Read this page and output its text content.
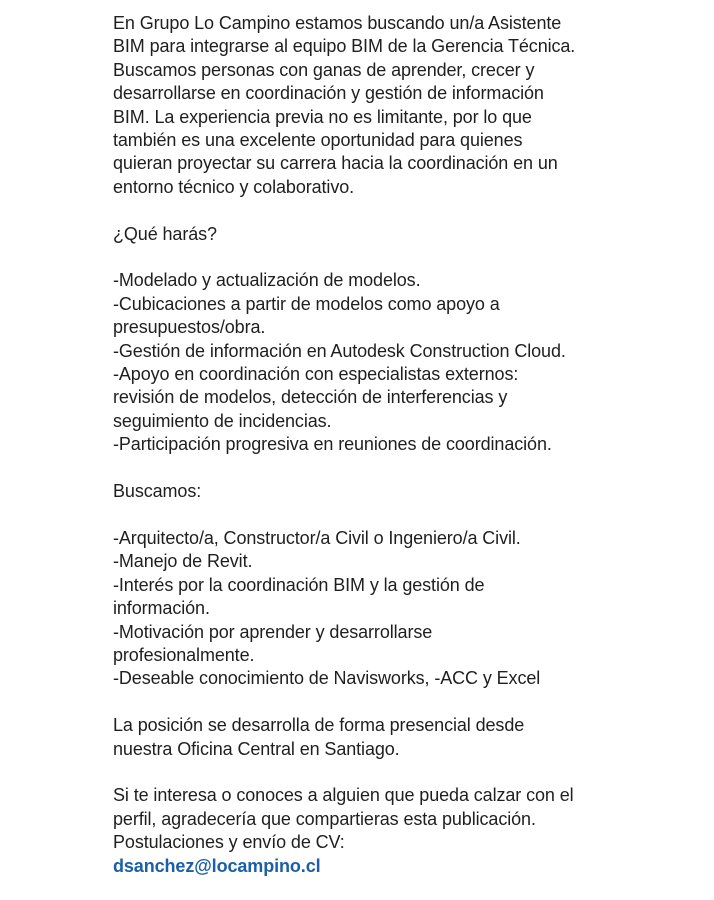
En Grupo Lo Campino estamos buscando un/a Asistente
BIM para integrarse al equipo BIM de la Gerencia Técnica.
Buscamos personas con ganas de aprender, crecer y
desarrollarse en coordinación y gestión de información
BIM. La experiencia previa no es limitante, por lo que
también es una excelente oportunidad para quienes
quieran proyectar su carrera hacia la coordinación en un
entorno técnico y colaborativo.
¿Qué harás?
-Modelado y actualización de modelos.
-Cubicaciones a partir de modelos como apoyo a
presupuestos/obra.
-Gestión de información en Autodesk Construction Cloud.
-Apoyo en coordinación con especialistas externos:
revisión de modelos, detección de interferencias y
seguimiento de incidencias.
-Participación progresiva en reuniones de coordinación.
Buscamos:
-Arquitecto/a, Constructor/a Civil o Ingeniero/a Civil.
-Manejo de Revit.
-Interés por la coordinación BIM y la gestión de
información.
-Motivación por aprender y desarrollarse
profesionalmente.
-Deseable conocimiento de Navisworks, -ACC y Excel
La posición se desarrolla de forma presencial desde
nuestra Oficina Central en Santiago.
Si te interesa o conoces a alguien que pueda calzar con el
perfil, agradecería que compartieras esta publicación.
Postulaciones y envío de CV:
dsanchez@locampino.cl
